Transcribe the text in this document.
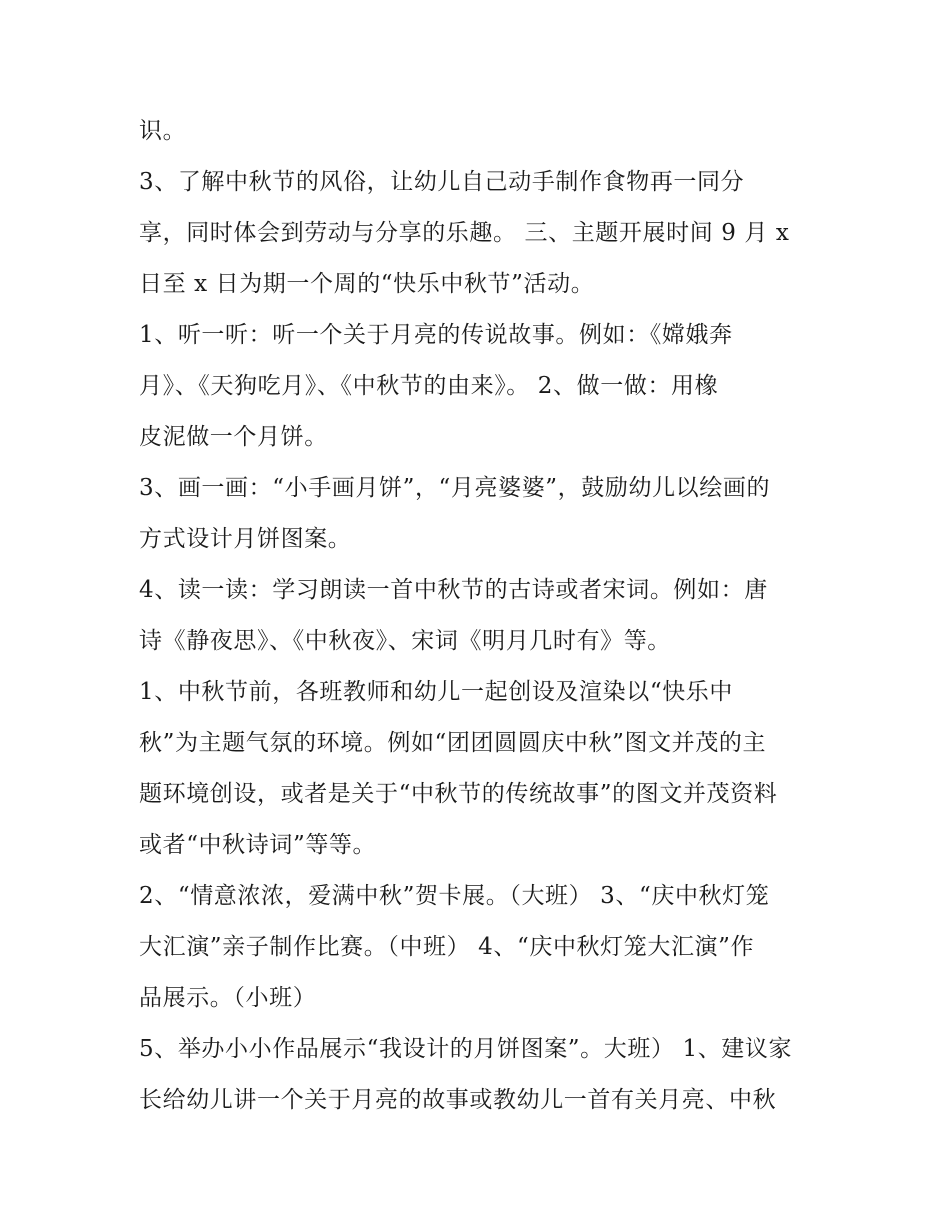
识。
3、了解中秋节的风俗，让幼儿自己动手制作食物再一同分
享，同时体会到劳动与分享的乐趣。 三、主题开展时间 9 月 x
日至 x 日为期一个周的“快乐中秋节”活动。
1、听一听：听一个关于月亮的传说故事。例如：《嫦娥奔
月》、《天狗吃月》、《中秋节的由来》。 2、做一做：用橡
皮泥做一个月饼。
3、画一画：“小手画月饼”，“月亮婆婆”，鼓励幼儿以绘画的
方式设计月饼图案。
4、读一读：学习朗读一首中秋节的古诗或者宋词。例如：唐
诗《静夜思》、《中秋夜》、宋词《明月几时有》等。
1、中秋节前，各班教师和幼儿一起创设及渲染以“快乐中
秋”为主题气氛的环境。例如“团团圆圆庆中秋”图文并茂的主
题环境创设，或者是关于“中秋节的传统故事”的图文并茂资料
或者“中秋诗词”等等。
2、“情意浓浓，爱满中秋”贺卡展。（大班） 3、“庆中秋灯笼
大汇演”亲子制作比赛。（中班） 4、“庆中秋灯笼大汇演”作
品展示。（小班）
5、举办小小作品展示“我设计的月饼图案”。大班） 1、建议家
长给幼儿讲一个关于月亮的故事或教幼儿一首有关月亮、中秋
